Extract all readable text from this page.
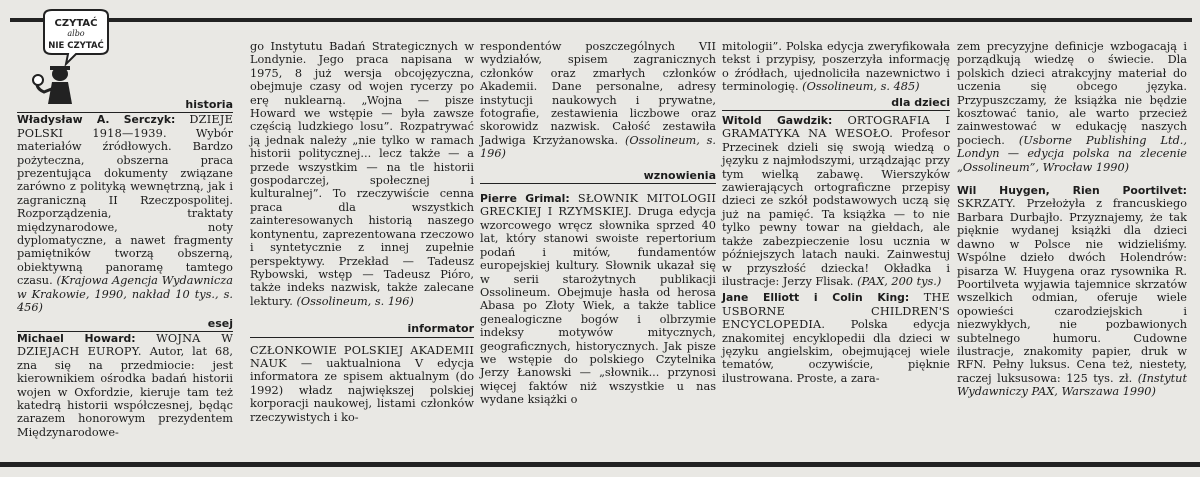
CZYTAĆ
albo
NIE CZYTAĆ
historia

Władysław A. Serczyk: DZIEJE POLSKI 1918—1939.	Wybór materiałów źródłowych. Bardzo pożyteczna, obszerna praca prezentująca dokumenty związane zarówno z polityką wewnętrzną, jak i zagraniczną II Rzeczpospolitej. Rozporządzenia, traktaty międzynarodowe, noty dyplomatyczne, a nawet fragmenty pamiętników tworzą obszerną, obiektywną panoramę tamtego czasu. (Krajowa Agencja Wydawnicza w Krakowie, 1990, nakład 10 tys., s. 456)

esej

Michael Howard: WOJNA W DZIEJACH EUROPY. Autor, lat 68, zna się na przedmiocie: jest kierownikiem ośrodka badań historii wojen w Oxfordzie, kieruje tam też katedrą historii współczesnej, będąc zarazem honorowym prezydentem Międzynarodowe-

go Instytutu Badań Strategicznych w Londynie. Jego praca napisana w 1975, 8 już wersja obcojęzyczna, obejmuje czasy od wojen rycerzy po erę nuklearną. „Wojna — pisze Howard we wstępie — była zawsze częścią ludzkiego losu”. Rozpatrywać ją jednak należy „nie tylko w ramach historii politycznej... lecz także — a przede wszystkim — na tle historii gospodarczej, społecznej i kulturalnej”. To rzeczywiście cenna praca dla wszystkich zainteresowanych historią naszego kontynentu, zaprezentowana rzeczowo i syntetycznie z innej zupełnie perspektywy. Przekład — Tadeusz Rybowski, wstęp — Tadeusz Pióro, także indeks nazwisk, także zalecane lektury. (Ossolineum, s. 196)

informator

CZŁONKOWIE POLSKIEJ AKADEMII NAUK — uaktualniona V edycja informatora ze spisem aktualnym (do 1992) władz największej polskiej korporacji naukowej, listami członków rzeczywistych i ko-

respondentów poszczególnych VII wydziałów, spisem zagranicznych członków oraz zmarłych członków Akademii. Dane personalne, adresy instytucji naukowych i prywatne, fotografie, zestawienia liczbowe oraz skorowidz nazwisk. Całość zestawiła Jadwiga Krzyżanowska. (Ossolineum, s. 196)

wznowienia

Pierre Grimal: SŁOWNIK MITOLOGII GRECKIEJ I RZYMSKIEJ. Druga edycja wzorcowego wręcz słownika sprzed 40 lat, który stanowi swoiste repertorium podań i mitów, fundamentów europejskiej kultury. Słownik ukazał się w serii starożytnych publikacji Ossolineum. Obejmuje hasła od herosa Abasa po Złoty Wiek, a także tablice genealogiczne bogów i olbrzymie indeksy motywów mitycznych, geograficznych, historycznych. Jak pisze we wstępie do polskiego Czytelnika Jerzy Łanowski — „słownik... przynosi więcej faktów niż wszystkie u nas wydane książki o

mitologii”. Polska edycja zweryfikowała tekst i przypisy, poszerzyła informację o źródłach, ujednoliciła nazewnictwo i terminologię. (Ossolineum, s. 485)

dla dzieci

Witold Gawdzik: ORTOGRAFIA I GRAMATYKA NA WESOŁO. Profesor Przecinek dzieli się swoją wiedzą o języku z najmłodszymi, urządzając przy tym wielką zabawę. Wierszyków zawierających ortograficzne przepisy dzieci ze szkół podstawowych uczą się już na pamięć. Ta książka — to nie tylko pewny towar na giełdach, ale także zabezpieczenie losu ucznia w późniejszych latach nauki. Zainwestuj w przyszłość dziecka! Okładka i ilustracje: Jerzy Flisak. (PAX, 200 tys.)

Jane Elliott i Colin King: THE USBORNE CHILDREN'S ENCYCLOPEDIA. Polska edycja znakomitej encyklopedii dla dzieci w języku angielskim, obejmującej wiele tematów, oczywiście, pięknie ilustrowana. Proste, a zara-

zem precyzyjne definicje wzbogacają i porządkują wiedzę o świecie. Dla polskich dzieci atrakcyjny materiał do uczenia się obcego języka. Przypuszczamy, że książka nie będzie kosztować tanio, ale warto przecież zainwestować w edukację naszych pociech. (Usborne Publishing Ltd., Londyn — edycja polska na zlecenie „Ossolineum”, Wrocław 1990)

Wil Huygen, Rien Poortilvet: SKRZATY. Przełożyła z francuskiego Barbara Durbajło. Przyznajemy, że tak pięknie wydanej książki dla dzieci dawno w Polsce nie widzieliśmy. Wspólne dzieło dwóch Holendrów: pisarza W. Huygena oraz rysownika R. Poortilveta wyjawia tajemnice skrzatów wszelkich odmian, oferuje wiele opowieści czarodziejskich i niezwykłych, nie pozbawionych subtelnego humoru. Cudowne ilustracje, znakomity papier, druk w RFN. Pełny luksus. Cena też, niestety, raczej luksusowa: 125 tys. zł. (Instytut Wydawniczy PAX, Warszawa 1990)
